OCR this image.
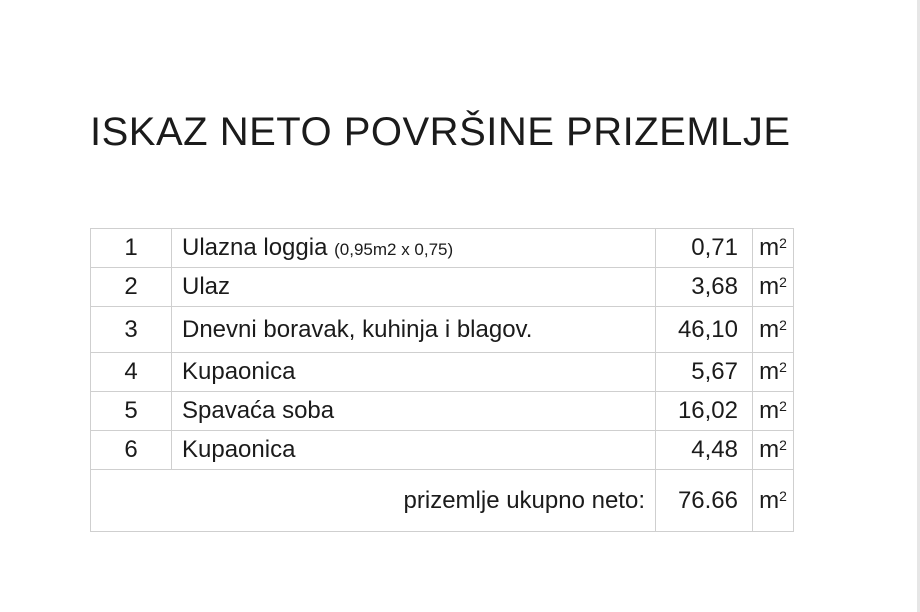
ISKAZ NETO POVRŠINE PRIZEMLJE
1	Ulazna loggia (0,95m2 x 0,75)	0,71	$m^2$
2	Ulaz	3,68	$m^2$
3	Dnevni boravak, kuhinja i blagov.	46,10	$m^2$
4	Kupaonica	5,67	$m^2$
5	Spavaća soba	16,02	$m^2$
6	Kupaonica	4,48	$m^2$
prizemlje ukupno neto:		76.66	$m^2$
